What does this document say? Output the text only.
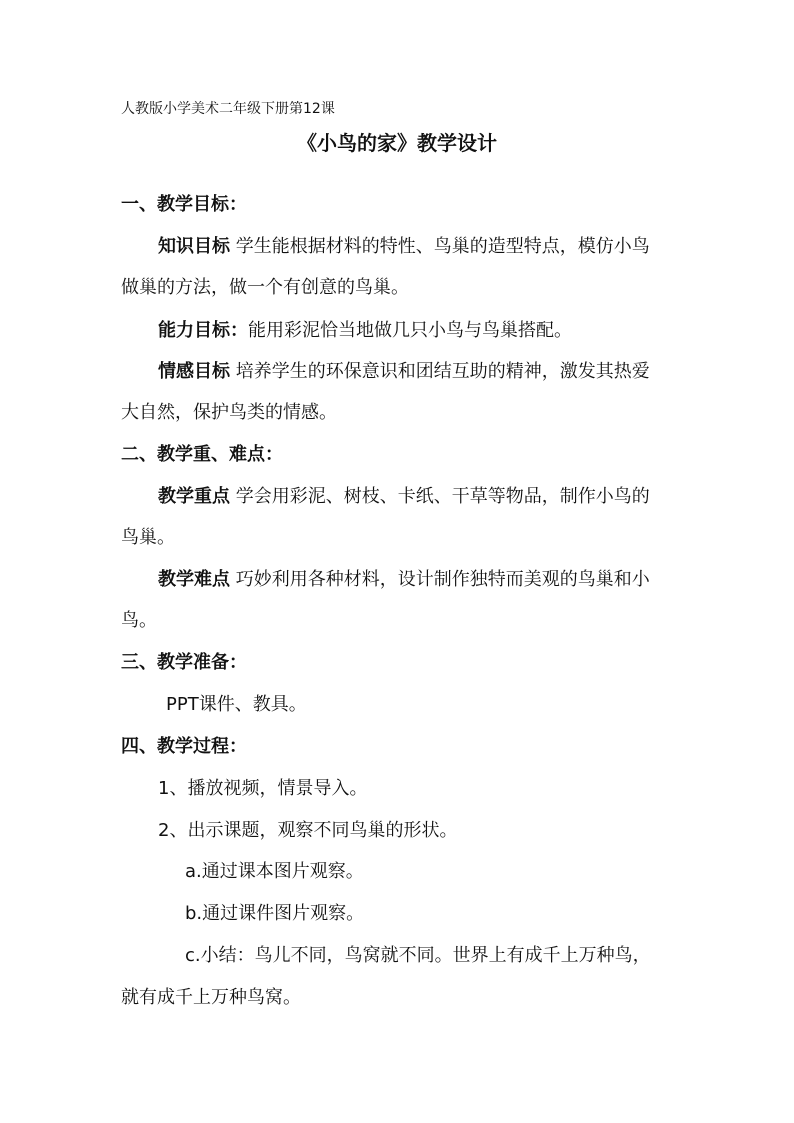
人教版小学美术二年级下册第12课
《小鸟的家》教学设计
一、教学目标：
知识目标 学生能根据材料的特性、鸟巢的造型特点，模仿小鸟
做巢的方法，做一个有创意的鸟巢。
能力目标：能用彩泥恰当地做几只小鸟与鸟巢搭配。
情感目标 培养学生的环保意识和团结互助的精神，激发其热爱
大自然，保护鸟类的情感。
二、教学重、难点：
教学重点 学会用彩泥、树枝、卡纸、干草等物品，制作小鸟的
鸟巢。
教学难点 巧妙利用各种材料，设计制作独特而美观的鸟巢和小
鸟。
三、教学准备：
PPT课件、教具。
四、教学过程：
1、播放视频，情景导入。
2、出示课题，观察不同鸟巢的形状。
a.通过课本图片观察。
b.通过课件图片观察。
c.小结：鸟儿不同，鸟窝就不同。世界上有成千上万种鸟，
就有成千上万种鸟窝。
